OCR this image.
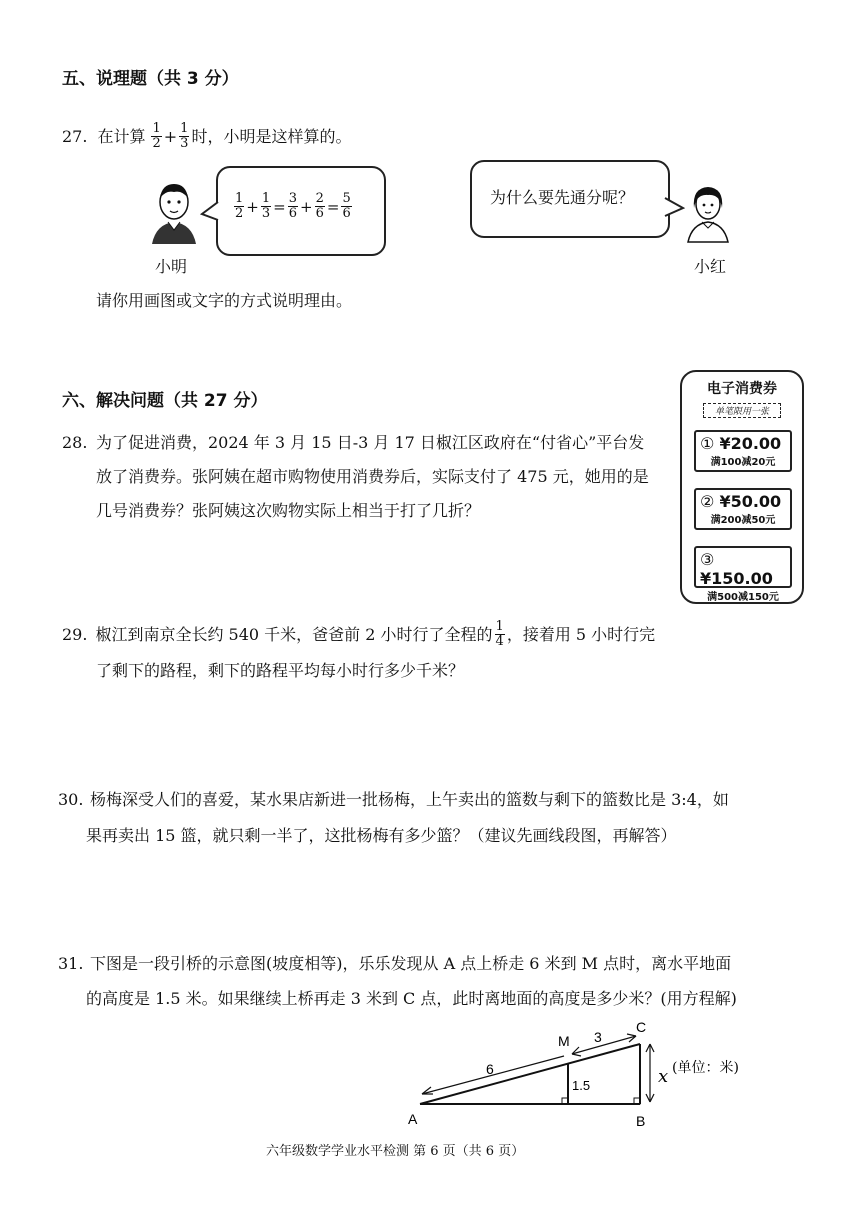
五、说理题（共 3 分）
27. 在计算 $\frac{1}{2} + \frac{1}{3}$ 时，小明是这样算的。
小明
$\frac{1}{2} + \frac{1}{3} = \frac{3}{6} + \frac{2}{6} = \frac{5}{6}$	为什么要先通分呢？
小红
请你用画图或文字的方式说明理由。
六、解决问题（共 27 分）
28. 为了促进消费，2024 年 3 月 15 日-3 月 17 日椒江区政府在“付省心”平台发
放了消费券。张阿姨在超市购物使用消费券后，实际支付了 475 元，她用的是
几号消费券？张阿姨这次购物实际上相当于打了几折？
电子消费券
单笔限用一张
① ¥20.00
满100减20元
② ¥50.00
满200减50元
③ ¥150.00
满500减150元
29. 椒江到南京全长约 540 千米，爸爸前 2 小时行了全程的 $\frac{1}{4}$ ，接着用 5 小时行完
了剩下的路程，剩下的路程平均每小时行多少千米？
30. 杨梅深受人们的喜爱，某水果店新进一批杨梅，上午卖出的篮数与剩下的篮数比是 3:4，如
果再卖出 15 篮，就只剩一半了，这批杨梅有多少篮？（建议先画线段图，再解答）
31. 下图是一段引桥的示意图(坡度相等)，乐乐发现从 A 点上桥走 6 米到 M 点时，离水平地面
的高度是 1.5 米。如果继续上桥再走 3 米到 C 点，此时离地面的高度是多少米？(用方程解)
A	B
C
M
6
3
1.5	x (单位：米)
六年级数学学业水平检测 第 6 页（共 6 页）
